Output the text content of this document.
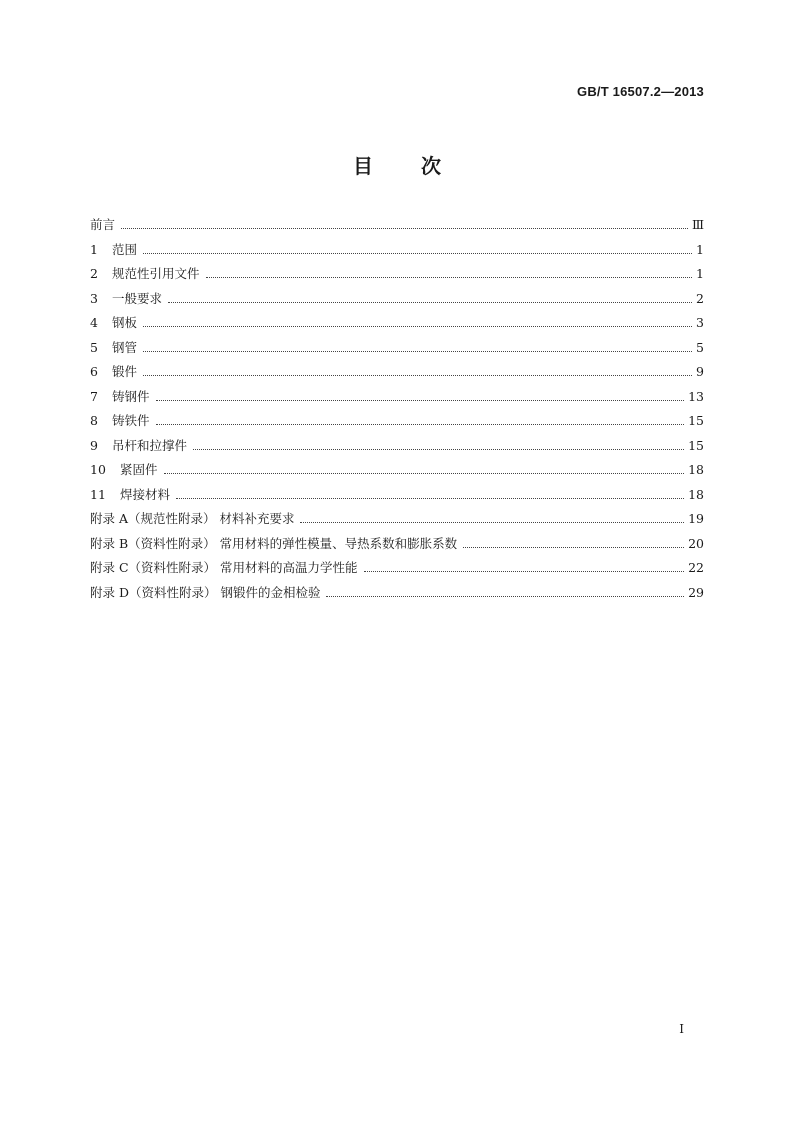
GB/T 16507.2—2013
目 次
前言	Ⅲ
1	范围	1
2	规范性引用文件	1
3	一般要求	2
4	钢板	3
5	钢管	5
6	锻件	9
7	铸钢件	13
8	铸铁件	15
9	吊杆和拉撑件	15
10	紧固件	18
11	焊接材料	18
附录 A（规范性附录） 材料补充要求	19
附录 B（资料性附录） 常用材料的弹性模量、导热系数和膨胀系数	20
附录 C（资料性附录） 常用材料的高温力学性能	22
附录 D（资料性附录） 钢锻件的金相检验	29
I
